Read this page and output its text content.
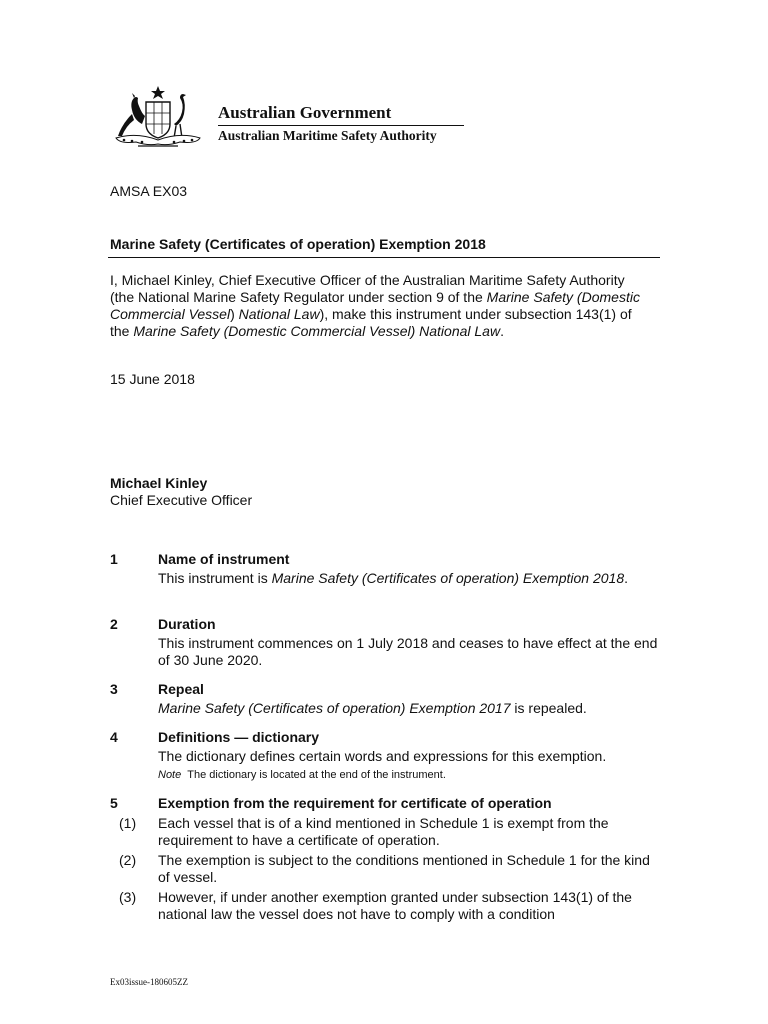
Australian Government
Australian Maritime Safety Authority
AMSA EX03
Marine Safety (Certificates of operation) Exemption 2018
I, Michael Kinley, Chief Executive Officer of the Australian Maritime Safety Authority (the National Marine Safety Regulator under section 9 of the Marine Safety (Domestic Commercial Vessel) National Law), make this instrument under subsection 143(1) of the Marine Safety (Domestic Commercial Vessel) National Law.
15 June 2018
Michael Kinley
Chief Executive Officer
1	Name of instrument
This instrument is Marine Safety (Certificates of operation) Exemption 2018.
2	Duration
This instrument commences on 1 July 2018 and ceases to have effect at the end of 30 June 2020.
3	Repeal
Marine Safety (Certificates of operation) Exemption 2017 is repealed.
4	Definitions — dictionary
The dictionary defines certain words and expressions for this exemption.
Note The dictionary is located at the end of the instrument.
5	Exemption from the requirement for certificate of operation
(1) Each vessel that is of a kind mentioned in Schedule 1 is exempt from the requirement to have a certificate of operation.
(2) The exemption is subject to the conditions mentioned in Schedule 1 for the kind of vessel.
(3) However, if under another exemption granted under subsection 143(1) of the national law the vessel does not have to comply with a condition
Ex03issue-180605ZZ
